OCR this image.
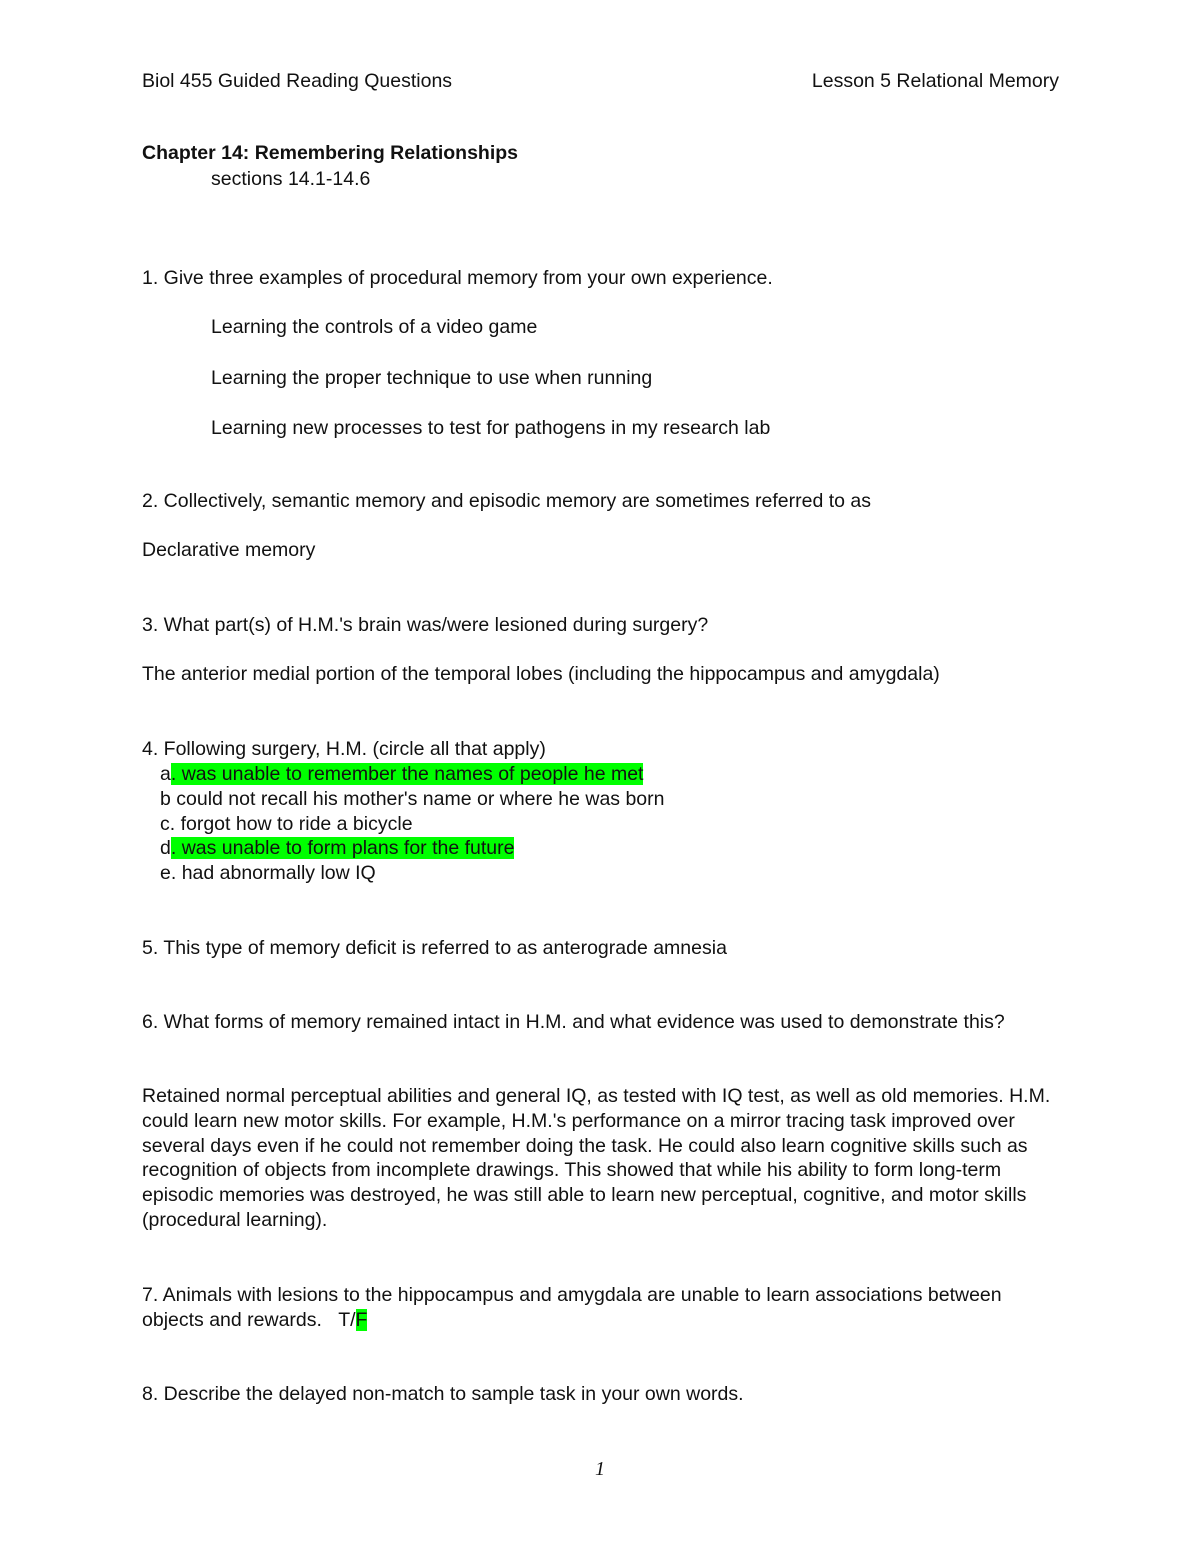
Biol 455 Guided Reading Questions	Lesson 5 Relational Memory
Chapter 14: Remembering Relationships
sections 14.1-14.6
1. Give three examples of procedural memory from your own experience.
Learning the controls of a video game
Learning the proper technique to use when running
Learning new processes to test for pathogens in my research lab
2. Collectively, semantic memory and episodic memory are sometimes referred to as
Declarative memory
3. What part(s) of H.M.'s brain was/were lesioned during surgery?
The anterior medial portion of the temporal lobes (including the hippocampus and amygdala)
4. Following surgery, H.M. (circle all that apply)
a. was unable to remember the names of people he met
b could not recall his mother's name or where he was born
c. forgot how to ride a bicycle
d. was unable to form plans for the future
e. had abnormally low IQ
5. This type of memory deficit is referred to as anterograde amnesia
6. What forms of memory remained intact in H.M. and what evidence was used to demonstrate this?
Retained normal perceptual abilities and general IQ, as tested with IQ test, as well as old memories. H.M. could learn new motor skills. For example, H.M.'s performance on a mirror tracing task improved over several days even if he could not remember doing the task. He could also learn cognitive skills such as recognition of objects from incomplete drawings. This showed that while his ability to form long-term episodic memories was destroyed, he was still able to learn new perceptual, cognitive, and motor skills (procedural learning).
7. Animals with lesions to the hippocampus and amygdala are unable to learn associations between objects and rewards. T/F
8. Describe the delayed non-match to sample task in your own words.
1
